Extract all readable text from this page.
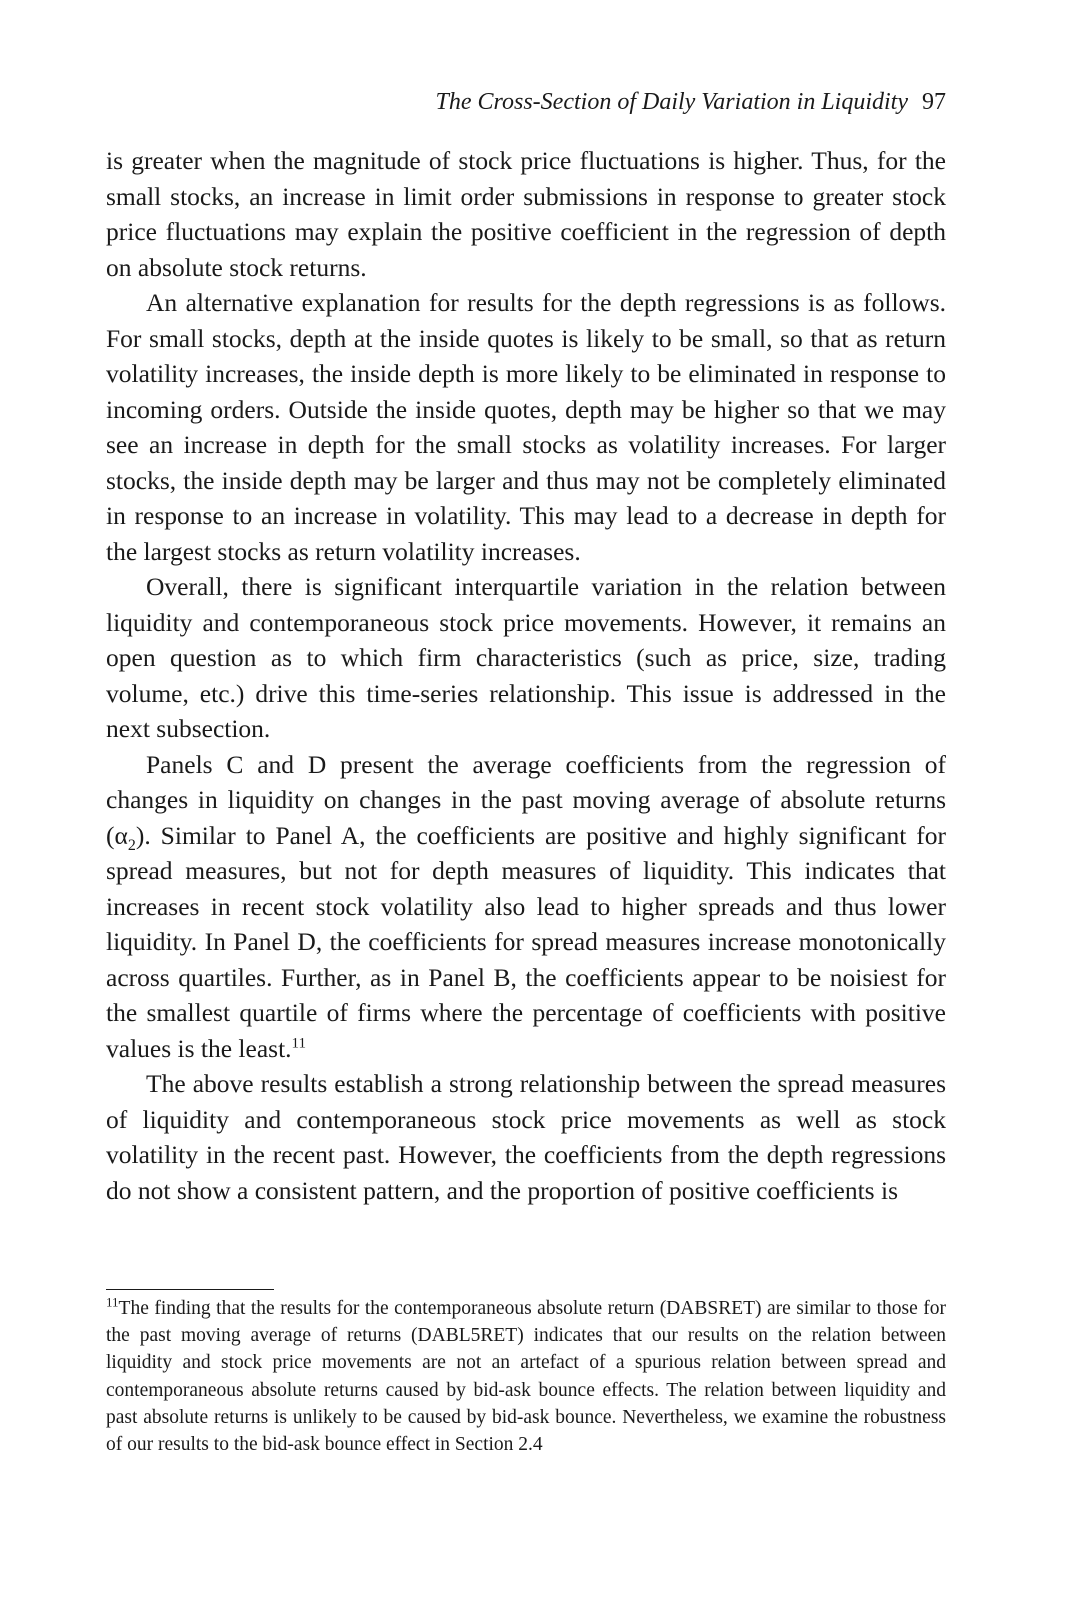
The Cross-Section of Daily Variation in Liquidity 97

is greater when the magnitude of stock price fluctuations is higher. Thus, for the small stocks, an increase in limit order submissions in response to greater stock price fluctuations may explain the positive coefficient in the regression of depth on absolute stock returns.

An alternative explanation for results for the depth regressions is as follows. For small stocks, depth at the inside quotes is likely to be small, so that as return volatility increases, the inside depth is more likely to be eliminated in response to incoming orders. Outside the inside quotes, depth may be higher so that we may see an increase in depth for the small stocks as volatility increases. For larger stocks, the inside depth may be larger and thus may not be completely eliminated in response to an increase in volatility. This may lead to a decrease in depth for the largest stocks as return volatility increases.

Overall, there is significant interquartile variation in the relation between liquidity and contemporaneous stock price movements. However, it remains an open question as to which firm characteristics (such as price, size, trading volume, etc.) drive this time-series relationship. This issue is addressed in the next subsection.

Panels C and D present the average coefficients from the regression of changes in liquidity on changes in the past moving average of absolute returns $(\alpha_2)$. Similar to Panel A, the coefficients are positive and highly significant for spread measures, but not for depth measures of liquidity. This indicates that increases in recent stock volatility also lead to higher spreads and thus lower liquidity. In Panel D, the coefficients for spread measures increase monotonically across quartiles. Further, as in Panel B, the coefficients appear to be noisiest for the smallest quartile of firms where the percentage of coefficients with positive values is the least.$^{11}$

The above results establish a strong relationship between the spread measures of liquidity and contemporaneous stock price movements as well as stock volatility in the recent past. However, the coefficients from the depth regressions do not show a consistent pattern, and the proportion of positive coefficients is

$^{11}$The finding that the results for the contemporaneous absolute return (DABSRET) are similar to those for the past moving average of returns (DABL5RET) indicates that our results on the relation between liquidity and stock price movements are not an artefact of a spurious relation between spread and contemporaneous absolute returns caused by bid-ask bounce effects. The relation between liquidity and past absolute returns is unlikely to be caused by bid-ask bounce. Nevertheless, we examine the robustness of our results to the bid-ask bounce effect in Section 2.4
